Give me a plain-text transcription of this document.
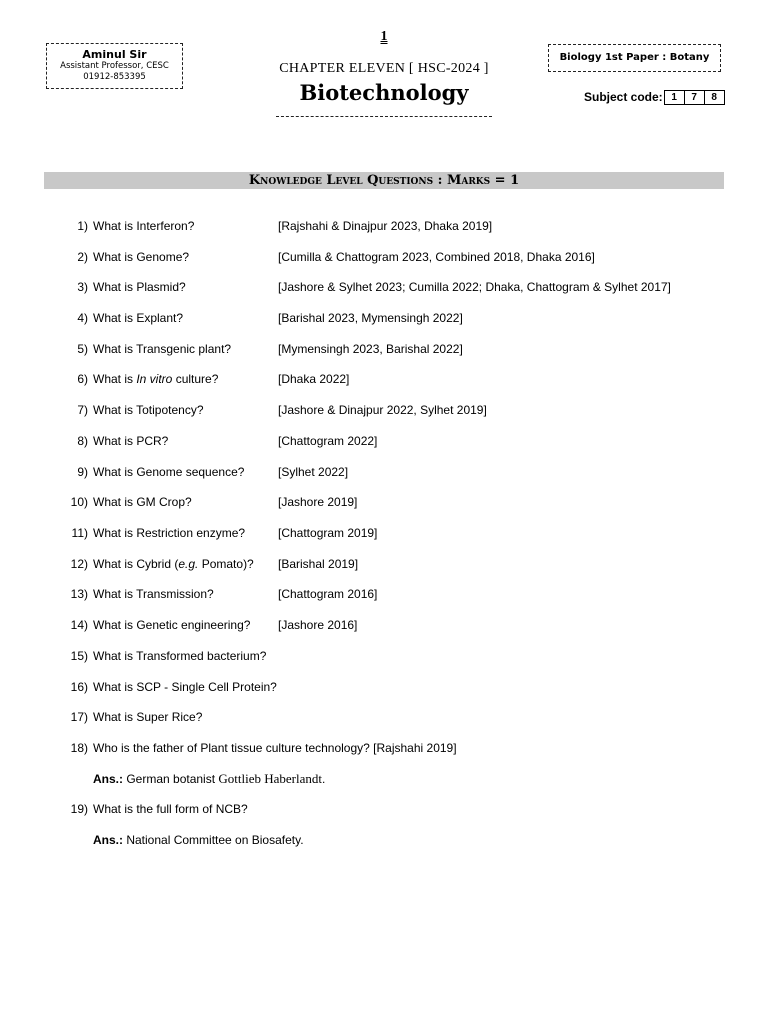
1
Aminul Sir
Assistant Professor, CESC
01912-853395
CHAPTER ELEVEN [ HSC-2024 ]
Biotechnology
Biology 1st Paper : Botany
Subject code: 1	7	8
Knowledge Level Questions : Marks = 1
1) What is Interferon?	[Rajshahi & Dinajpur 2023, Dhaka 2019]
2) What is Genome?	[Cumilla & Chattogram 2023, Combined 2018, Dhaka 2016]
3) What is Plasmid?	[Jashore & Sylhet 2023; Cumilla 2022; Dhaka, Chattogram & Sylhet 2017]
4) What is Explant?	[Barishal 2023, Mymensingh 2022]
5) What is Transgenic plant?	[Mymensingh 2023, Barishal 2022]
6) What is In vitro culture?	[Dhaka 2022]
7) What is Totipotency?	[Jashore & Dinajpur 2022, Sylhet 2019]
8) What is PCR?	[Chattogram 2022]
9) What is Genome sequence?	[Sylhet 2022]
10) What is GM Crop?	[Jashore 2019]
11) What is Restriction enzyme?	[Chattogram 2019]
12) What is Cybrid (e.g. Pomato)? [Barishal 2019]
13) What is Transmission?	[Chattogram 2016]
14) What is Genetic engineering? [Jashore 2016]
15) What is Transformed bacterium?
16) What is SCP - Single Cell Protein?
17) What is Super Rice?
18) Who is the father of Plant tissue culture technology? [Rajshahi 2019]
Ans.: German botanist Gottlieb Haberlandt.
19) What is the full form of NCB?
Ans.: National Committee on Biosafety.
